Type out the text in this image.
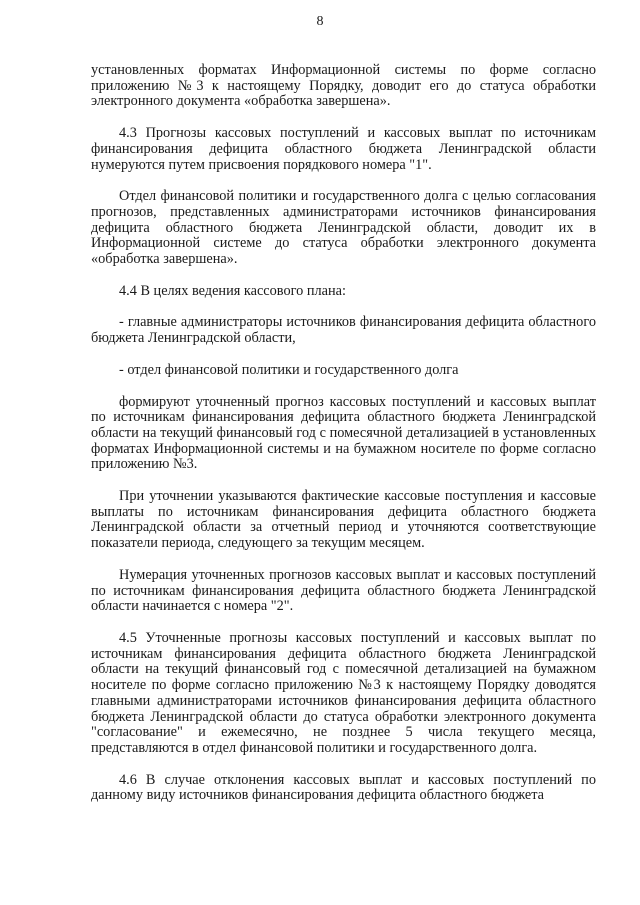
8

установленных форматах Информационной системы по форме согласно приложению №3 к настоящему Порядку, доводит его до статуса обработки электронного документа «обработка завершена».

4.3 Прогнозы кассовых поступлений и кассовых выплат по источникам финансирования дефицита областного бюджета Ленинградской области нумеруются путем присвоения порядкового номера "1".

Отдел финансовой политики и государственного долга с целью согласования прогнозов, представленных администраторами источников финансирования дефицита областного бюджета Ленинградской области, доводит их в Информационной системе до статуса обработки электронного документа «обработка завершена».

4.4 В целях ведения кассового плана:

- главные администраторы источников финансирования дефицита областного бюджета Ленинградской области,

- отдел финансовой политики и государственного долга

формируют уточненный прогноз кассовых поступлений и кассовых выплат по источникам финансирования дефицита областного бюджета Ленинградской области на текущий финансовый год с помесячной детализацией в установленных форматах Информационной системы и на бумажном носителе по форме согласно приложению №3.

При уточнении указываются фактические кассовые поступления и кассовые выплаты по источникам финансирования дефицита областного бюджета Ленинградской области за отчетный период и уточняются соответствующие показатели периода, следующего за текущим месяцем.

Нумерация уточненных прогнозов кассовых выплат и кассовых поступлений по источникам финансирования дефицита областного бюджета Ленинградской области начинается с номера "2".

4.5 Уточненные прогнозы кассовых поступлений и кассовых выплат по источникам финансирования дефицита областного бюджета Ленинградской области на текущий финансовый год с помесячной детализацией на бумажном носителе по форме согласно приложению №3 к настоящему Порядку доводятся главными администраторами источников финансирования дефицита областного бюджета Ленинградской области до статуса обработки электронного документа "согласование" и ежемесячно, не позднее 5 числа текущего месяца, представляются в отдел финансовой политики и государственного долга.

4.6 В случае отклонения кассовых выплат и кассовых поступлений по данному виду источников финансирования дефицита областного бюджета
